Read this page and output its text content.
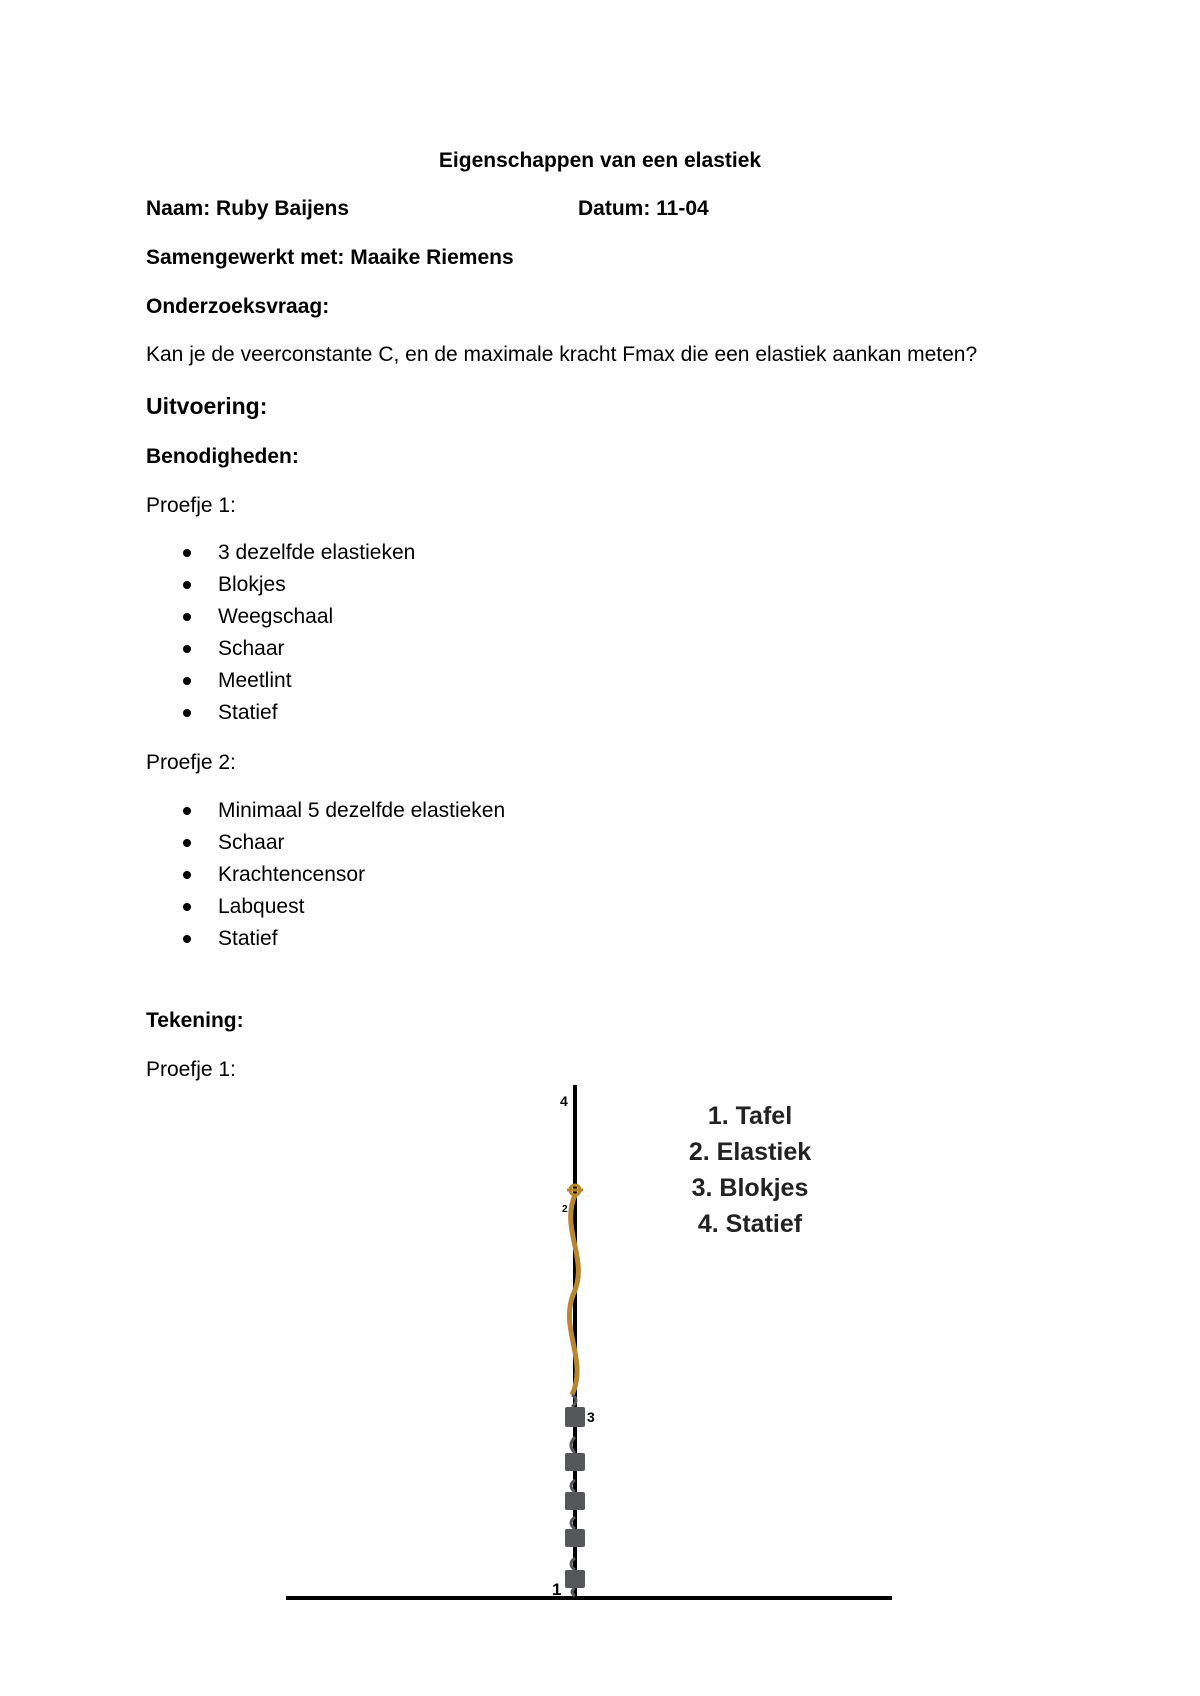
Eigenschappen van een elastiek
Naam: Ruby Baijens	Datum: 11-04
Samengewerkt met: Maaike Riemens
Onderzoeksvraag:
Kan je de veerconstante C, en de maximale kracht Fmax die een elastiek aankan meten?
Uitvoering:
Benodigheden:
Proefje 1:
3 dezelfde elastieken
Blokjes
Weegschaal
Schaar
Meetlint
Statief
Proefje 2:
Minimaal 5 dezelfde elastieken
Schaar
Krachtencensor
Labquest
Statief
Tekening:
Proefje 1:
1
2
3
4
1. Tafel
2. Elastiek
3. Blokjes
4. Statief
